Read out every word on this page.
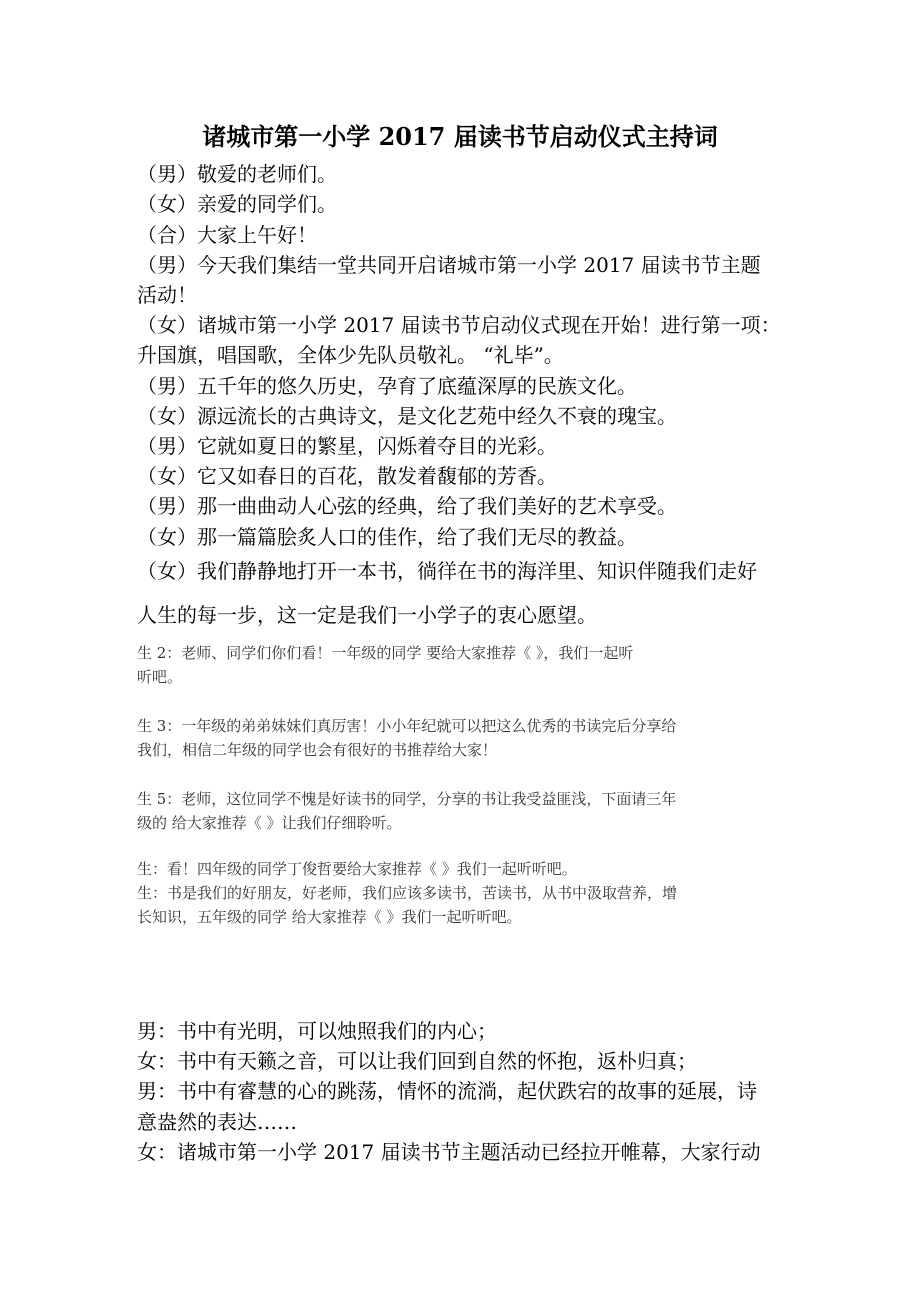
诸城市第一小学 2017 届读书节启动仪式主持词
（男）敬爱的老师们。
（女）亲爱的同学们。
（合）大家上午好！
（男）今天我们集结一堂共同开启诸城市第一小学 2017 届读书节主题
活动！
（女）诸城市第一小学 2017 届读书节启动仪式现在开始！进行第一项：
升国旗，唱国歌，全体少先队员敬礼。 “礼毕”。
（男）五千年的悠久历史，孕育了底蕴深厚的民族文化。
（女）源远流长的古典诗文，是文化艺苑中经久不衰的瑰宝。
（男）它就如夏日的繁星，闪烁着夺目的光彩。
（女）它又如春日的百花，散发着馥郁的芳香。
（男）那一曲曲动人心弦的经典，给了我们美好的艺术享受。
（女）那一篇篇脍炙人口的佳作，给了我们无尽的教益。
（女）我们静静地打开一本书，徜徉在书的海洋里、知识伴随我们走好
人生的每一步，这一定是我们一小学子的衷心愿望。
生 2：老师、同学们你们看！一年级的同学 要给大家推荐《 》，我们一起听
听吧。
生 3：一年级的弟弟妹妹们真厉害！小小年纪就可以把这么优秀的书读完后分享给
我们，相信二年级的同学也会有很好的书推荐给大家！
生 5：老师，这位同学不愧是好读书的同学，分享的书让我受益匪浅，下面请三年
级的 给大家推荐《 》让我们仔细聆听。
生：看！四年级的同学丁俊哲要给大家推荐《 》我们一起听听吧。
生：书是我们的好朋友，好老师，我们应该多读书，苦读书，从书中汲取营养，增
长知识，五年级的同学 给大家推荐《 》我们一起听听吧。
男：书中有光明，可以烛照我们的内心；
女：书中有天籁之音，可以让我们回到自然的怀抱，返朴归真；
男：书中有睿慧的心的跳荡，情怀的流淌，起伏跌宕的故事的延展，诗
意盎然的表达……
女：诸城市第一小学 2017 届读书节主题活动已经拉开帷幕，大家行动
